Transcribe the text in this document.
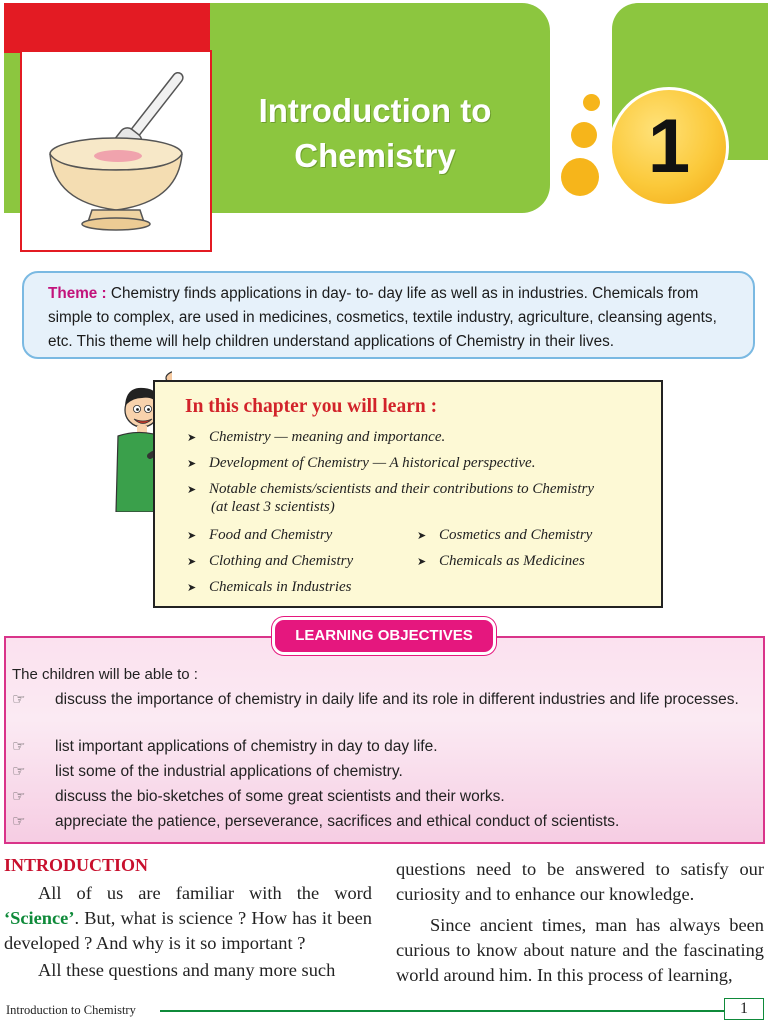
Introduction to
Chemistry	1
Theme : Chemistry finds applications in day- to- day life as well as in industries. Chemicals from simple to complex, are used in medicines, cosmetics, textile industry, agriculture, cleansing agents, etc. This theme will help children understand applications of Chemistry in their lives.
In this chapter you will learn :
➤ Chemistry — meaning and importance.
➤ Development of Chemistry — A historical perspective.
➤ Notable chemists/scientists and their contributions to Chemistry
(at least 3 scientists)
➤ Food and Chemistry	➤ Cosmetics and Chemistry
➤ Clothing and Chemistry	➤ Chemicals as Medicines
➤ Chemicals in Industries
LEARNING OBJECTIVES
The children will be able to :
☞ discuss the importance of chemistry in daily life and its role in different industries and life processes.
☞ list important applications of chemistry in day to day life.
☞ list some of the industrial applications of chemistry.
☞ discuss the bio-sketches of some great scientists and their works.
☞ appreciate the patience, perseverance, sacrifices and ethical conduct of scientists.
INTRODUCTION
All of us are familiar with the word ‘Science’. But, what is science ? How has it been developed ? And why is it so important ?
All these questions and many more such
questions need to be answered to satisfy our curiosity and to enhance our knowledge.
Since ancient times, man has always been curious to know about nature and the fascinating world around him. In this process of learning,
Introduction to Chemistry	1
